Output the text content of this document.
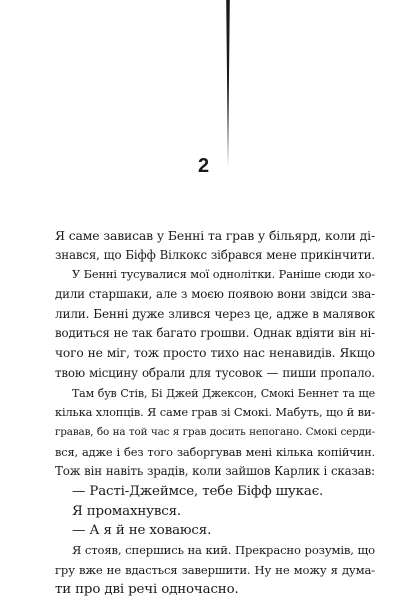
2
Я саме зависав у Бенні та грав у більярд, коли ді-
знався, що Біфф Вілкокс зібрався мене прикінчити.
У Бенні тусувалися мої однолітки. Раніше сюди хо-
дили старшаки, але з моєю появою вони звідси зва-
лили. Бенні дуже злився через це, адже в малявок
водиться не так багато грошви. Однак вдіяти він ні-
чого не міг, тож просто тихо нас ненавидів. Якщо
твою місцину обрали для тусовок — пиши пропало.
Там був Стів, Бі Джей Джексон, Смокі Беннет та ще
кілька хлопців. Я саме грав зі Смокі. Мабуть, що й ви-
гравав, бо на той час я грав досить непогано. Смокі серди-
вся, адже і без того заборгував мені кілька копійчин.
Тож він навіть зрадів, коли зайшов Карлик і сказав:
— Расті-Джеймсе, тебе Біфф шукає.
Я промахнувся.
— А я й не ховаюся.
Я стояв, спершись на кий. Прекрасно розумів, що
гру вже не вдасться завершити. Ну не можу я дума-
ти про дві речі одночасно.
